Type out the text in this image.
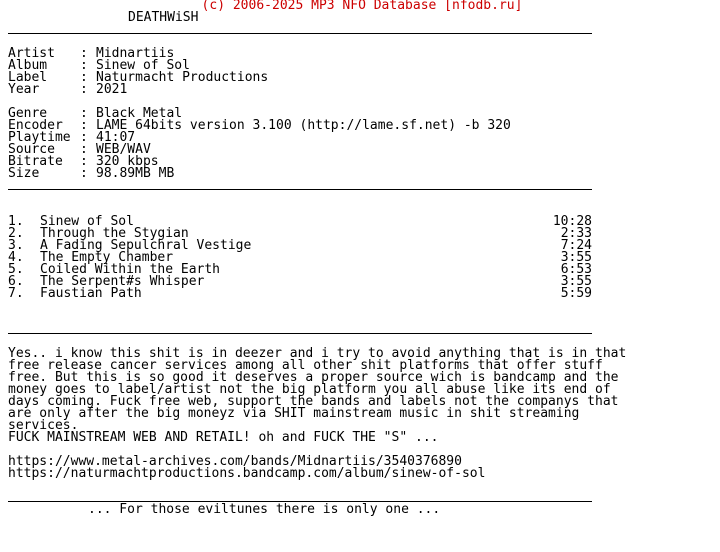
(c) 2006-2025 MP3 NFO Database [nfodb.ru]
DEATHWiSH
Artist	: Midnartiis
Album	: Sinew of Sol
Label	: Naturmacht Productions
Year	: 2021
Genre	: Black Metal
Encoder	: LAME 64bits version 3.100 (http://lame.sf.net) -b 320
Playtime : 41:07
Source	: WEB/WAV
Bitrate	: 320 kbps
Size	: 98.89MB MB
1.	Sinew of Sol	10:28
2.	Through the Stygian	2:33
3.	A Fading Sepulchral Vestige	7:24
4.	The Empty Chamber	3:55
5.	Coiled Within the Earth	6:53
6.	The Serpent#s Whisper	3:55
7.	Faustian Path	5:59
Yes.. i know this shit is in deezer and i try to avoid anything that is in that free release cancer services among all other shit platforms that offer stuff free. But this is so good it deserves a proper source wich is bandcamp and the money goes to label/artist not the big platform you all abuse like its end of days coming. Fuck free web, support the bands and labels not the companys that are only after the big moneyz via SHIT mainstream music in shit streaming services.
FUCK MAINSTREAM WEB AND RETAIL! oh and FUCK THE "S" ...
https://www.metal-archives.com/bands/Midnartiis/3540376890
https://naturmachtproductions.bandcamp.com/album/sinew-of-sol
... For those eviltunes there is only one ...
